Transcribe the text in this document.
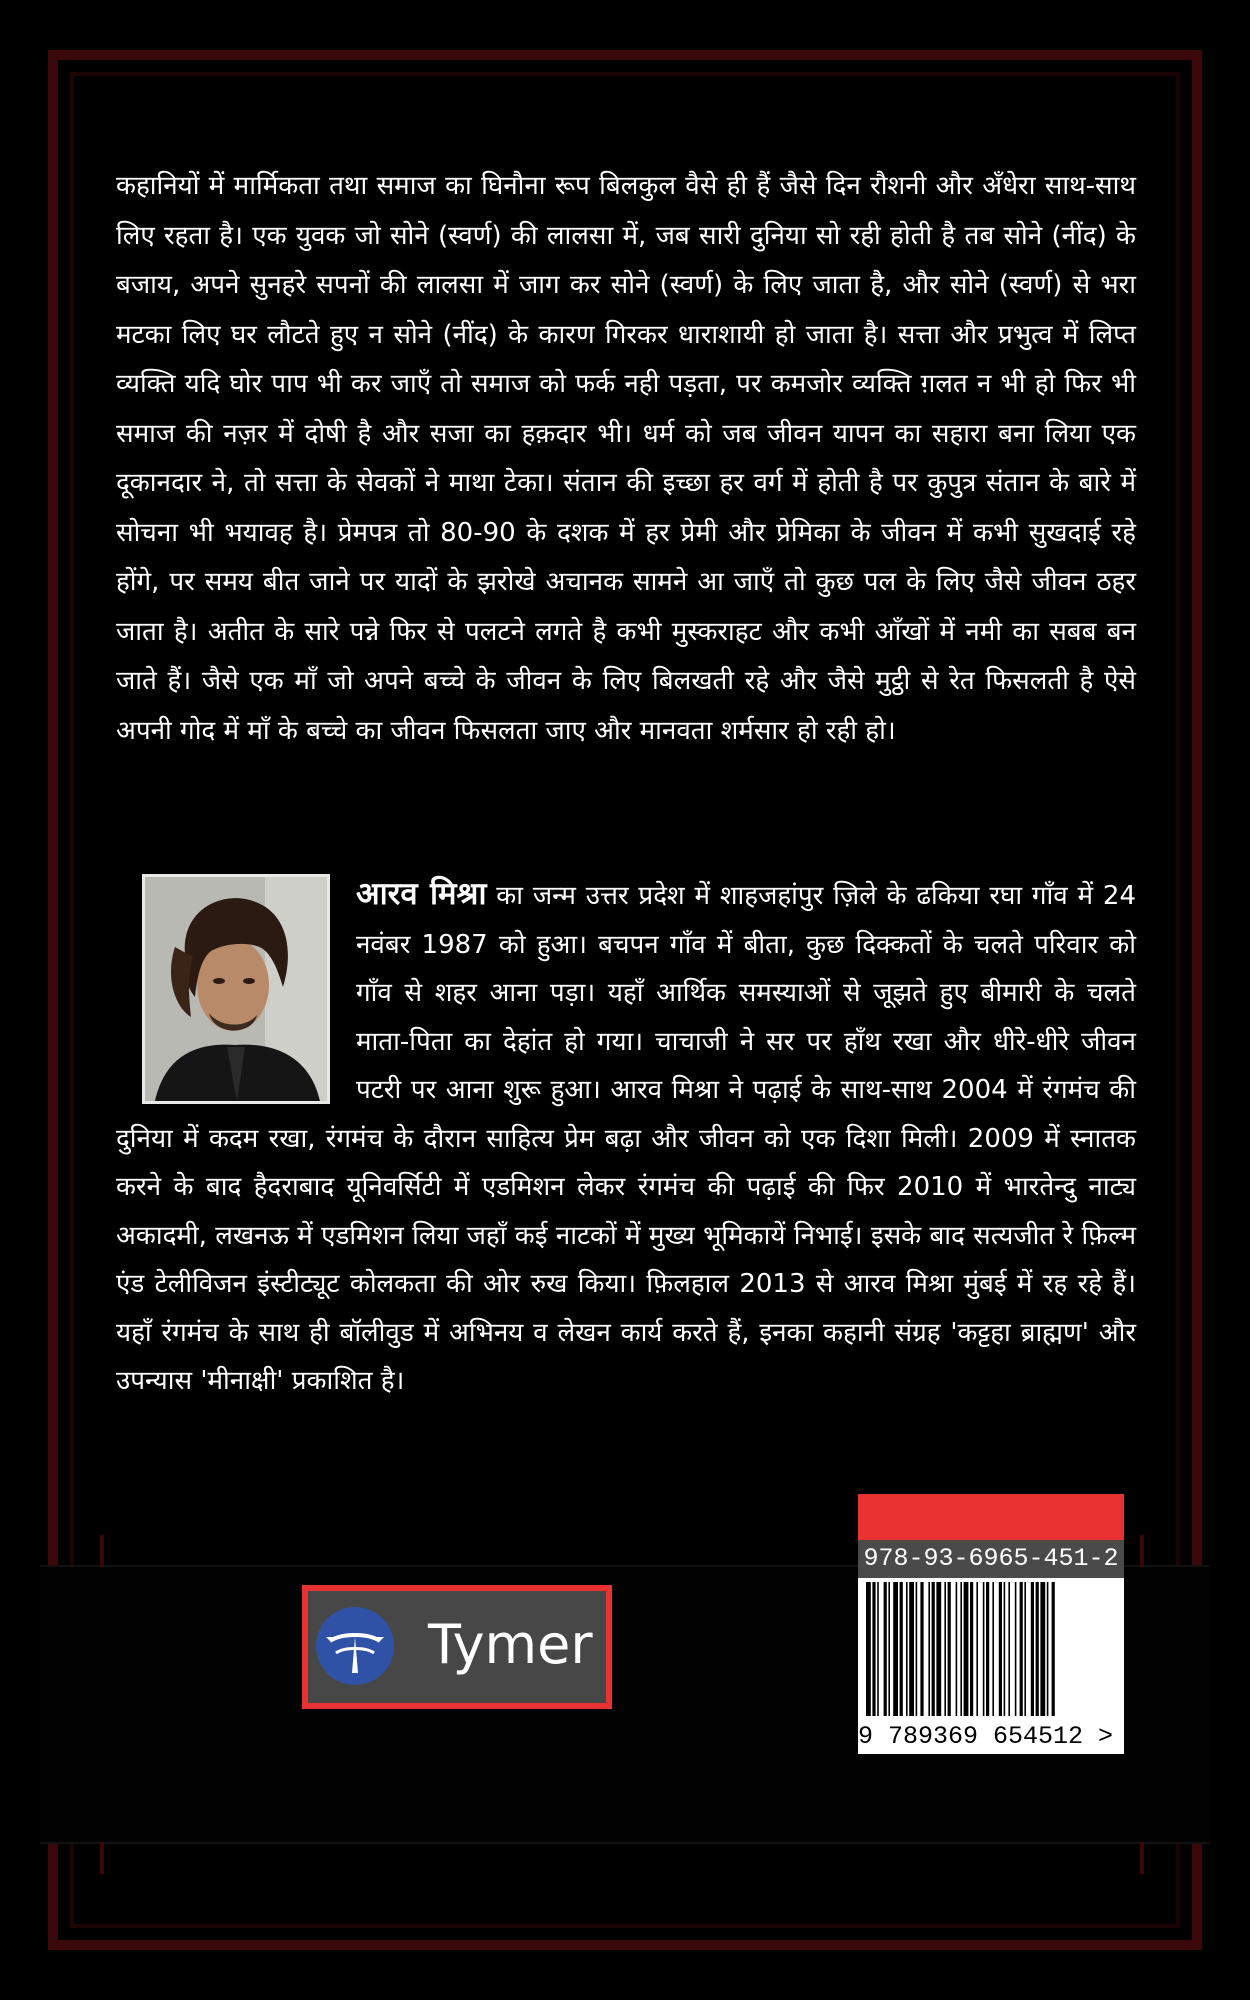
कहानियों में मार्मिकता तथा समाज का घिनौना रूप बिलकुल वैसे ही हैं जैसे दिन रौशनी और अँधेरा साथ-साथ लिए रहता है। एक युवक जो सोने (स्वर्ण) की लालसा में, जब सारी दुनिया सो रही होती है तब सोने (नींद) के बजाय, अपने सुनहरे सपनों की लालसा में जाग कर सोने (स्वर्ण) के लिए जाता है, और सोने (स्वर्ण) से भरा मटका लिए घर लौटते हुए न सोने (नींद) के कारण गिरकर धाराशायी हो जाता है। सत्ता और प्रभुत्व में लिप्त व्यक्ति यदि घोर पाप भी कर जाएँ तो समाज को फर्क नही पड़ता, पर कमजोर व्यक्ति ग़लत न भी हो फिर भी समाज की नज़र में दोषी है और सजा का हक़दार भी। धर्म को जब जीवन यापन का सहारा बना लिया एक दूकानदार ने, तो सत्ता के सेवकों ने माथा टेका। संतान की इच्छा हर वर्ग में होती है पर कुपुत्र संतान के बारे में सोचना भी भयावह है। प्रेमपत्र तो 80-90 के दशक में हर प्रेमी और प्रेमिका के जीवन में कभी सुखदाई रहे होंगे, पर समय बीत जाने पर यादों के झरोखे अचानक सामने आ जाएँ तो कुछ पल के लिए जैसे जीवन ठहर जाता है। अतीत के सारे पन्ने फिर से पलटने लगते है कभी मुस्कराहट और कभी आँखों में नमी का सबब बन जाते हैं। जैसे एक माँ जो अपने बच्चे के जीवन के लिए बिलखती रहे और जैसे मुट्ठी से रेत फिसलती है ऐसे अपनी गोद में माँ के बच्चे का जीवन फिसलता जाए और मानवता शर्मसार हो रही हो।

आरव मिश्रा का जन्म उत्तर प्रदेश में शाहजहांपुर ज़िले के ढकिया रघा गाँव में 24 नवंबर 1987 को हुआ। बचपन गाँव में बीता, कुछ दिक्कतों के चलते परिवार को गाँव से शहर आना पड़ा। यहाँ आर्थिक समस्याओं से जूझते हुए बीमारी के चलते माता-पिता का देहांत हो गया। चाचाजी ने सर पर हाँथ रखा और धीरे-धीरे जीवन पटरी पर आना शुरू हुआ। आरव मिश्रा ने पढ़ाई के साथ-साथ 2004 में रंगमंच की दुनिया में कदम रखा, रंगमंच के दौरान साहित्य प्रेम बढ़ा और जीवन को एक दिशा मिली। 2009 में स्नातक करने के बाद हैदराबाद यूनिवर्सिटी में एडमिशन लेकर रंगमंच की पढ़ाई की फिर 2010 में भारतेन्दु नाट्य अकादमी, लखनऊ में एडमिशन लिया जहाँ कई नाटकों में मुख्य भूमिकायें निभाई। इसके बाद सत्यजीत रे फ़िल्म एंड टेलीविजन इंस्टीट्यूट कोलकता की ओर रुख किया। फ़िलहाल 2013 से आरव मिश्रा मुंबई में रह रहे हैं। यहाँ रंगमंच के साथ ही बॉलीवुड में अभिनय व लेखन कार्य करते हैं, इनका कहानी संग्रह 'कट्टहा ब्राह्मण' और उपन्यास 'मीनाक्षी' प्रकाशित है।

Tymer
978-93-6965-451-2
9 789369 654512 >
